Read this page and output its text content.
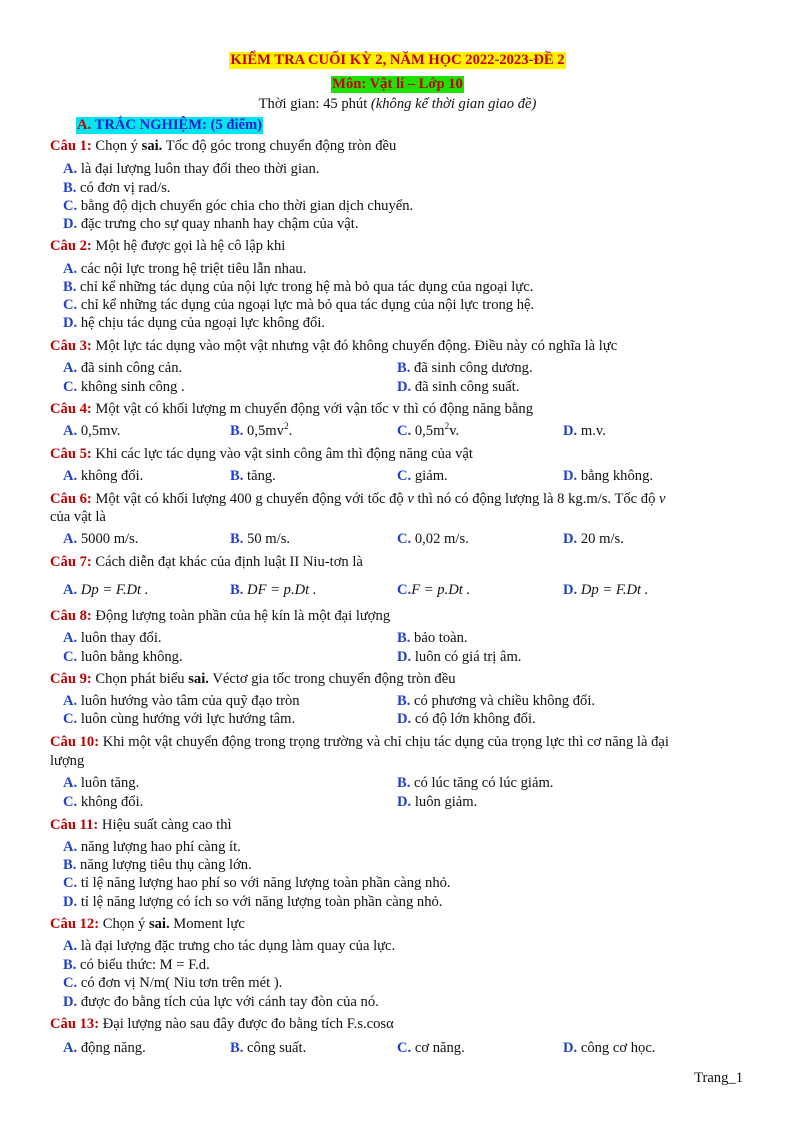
KIỂM TRA CUỐI KỲ 2, NĂM HỌC 2022-2023-ĐỀ 2
Môn: Vật lí – Lớp 10
Thời gian: 45 phút (không kể thời gian giao đề)
A. TRẮC NGHIỆM: (5 điểm)
Câu 1: Chọn ý sai. Tốc độ góc trong chuyển động tròn đều
A. là đại lượng luôn thay đổi theo thời gian.
B. có đơn vị rad/s.
C. bằng độ dịch chuyển góc chia cho thời gian dịch chuyển.
D. đặc trưng cho sự quay nhanh hay chậm của vật.
Câu 2: Một hệ được gọi là hệ cô lập khi
A. các nội lực trong hệ triệt tiêu lẫn nhau.
B. chỉ kể những tác dụng của nội lực trong hệ mà bỏ qua tác dụng của ngoại lực.
C. chỉ kể những tác dụng của ngoại lực mà bỏ qua tác dụng của nội lực trong hệ.
D. hệ chịu tác dụng của ngoại lực không đổi.
Câu 3: Một lực tác dụng vào một vật nhưng vật đó không chuyển động. Điều này có nghĩa là lực
A. đã sinh công cản.	B. đã sinh công dương.
C. không sinh công .	D. đã sinh công suất.
Câu 4: Một vật có khối lượng m chuyển động với vận tốc v thì có động năng bằng
A. 0,5mv.	B. $0,5mv^2$.	C. $0,5m^2v$.	D. m.v.
Câu 5: Khi các lực tác dụng vào vật sinh công âm thì động năng của vật
A. không đổi.	B. tăng.	C. giảm.	D. bằng không.
Câu 6: Một vật có khối lượng 400 g chuyển động với tốc độ v thì nó có động lượng là 8 kg.m/s. Tốc độ v
của vật là
A. 5000 m/s.	B. 50 m/s.	C. 0,02 m/s.	D. 20 m/s.
Câu 7: Cách diễn đạt khác của định luật II Niu-tơn là
A. Dp = F.Dt .	B. DF = p.Dt .	C.F = p.Dt .	D. Dp = F.Dt .
Câu 8: Động lượng toàn phần của hệ kín là một đại lượng
A. luôn thay đổi.	B. bảo toàn.
C. luôn bằng không.	D. luôn có giá trị âm.
Câu 9: Chọn phát biểu sai. Véctơ gia tốc trong chuyển động tròn đều
A. luôn hướng vào tâm của quỹ đạo tròn	B. có phương và chiều không đổi.
C. luôn cùng hướng với lực hướng tâm.	D. có độ lớn không đổi.
Câu 10: Khi một vật chuyển động trong trọng trường và chỉ chịu tác dụng của trọng lực thì cơ năng là đại
lượng
A. luôn tăng.	B. có lúc tăng có lúc giảm.
C. không đổi.	D. luôn giảm.
Câu 11: Hiệu suất càng cao thì
A. năng lượng hao phí càng ít.
B. năng lượng tiêu thụ càng lớn.
C. tỉ lệ năng lượng hao phí so với năng lượng toàn phần càng nhỏ.
D. tỉ lệ năng lượng có ích so với năng lượng toàn phần càng nhỏ.
Câu 12: Chọn ý sai. Moment lực
A. là đại lượng đặc trưng cho tác dụng làm quay của lực.
B. có biểu thức: M = F.d.
C. có đơn vị N/m( Niu tơn trên mét ).
D. được đo bằng tích của lực với cánh tay đòn của nó.
Câu 13: Đại lượng nào sau đây được đo bằng tích F.s.cosα
A. động năng.	B. công suất.	C. cơ năng.	D. công cơ học.
Trang_1
